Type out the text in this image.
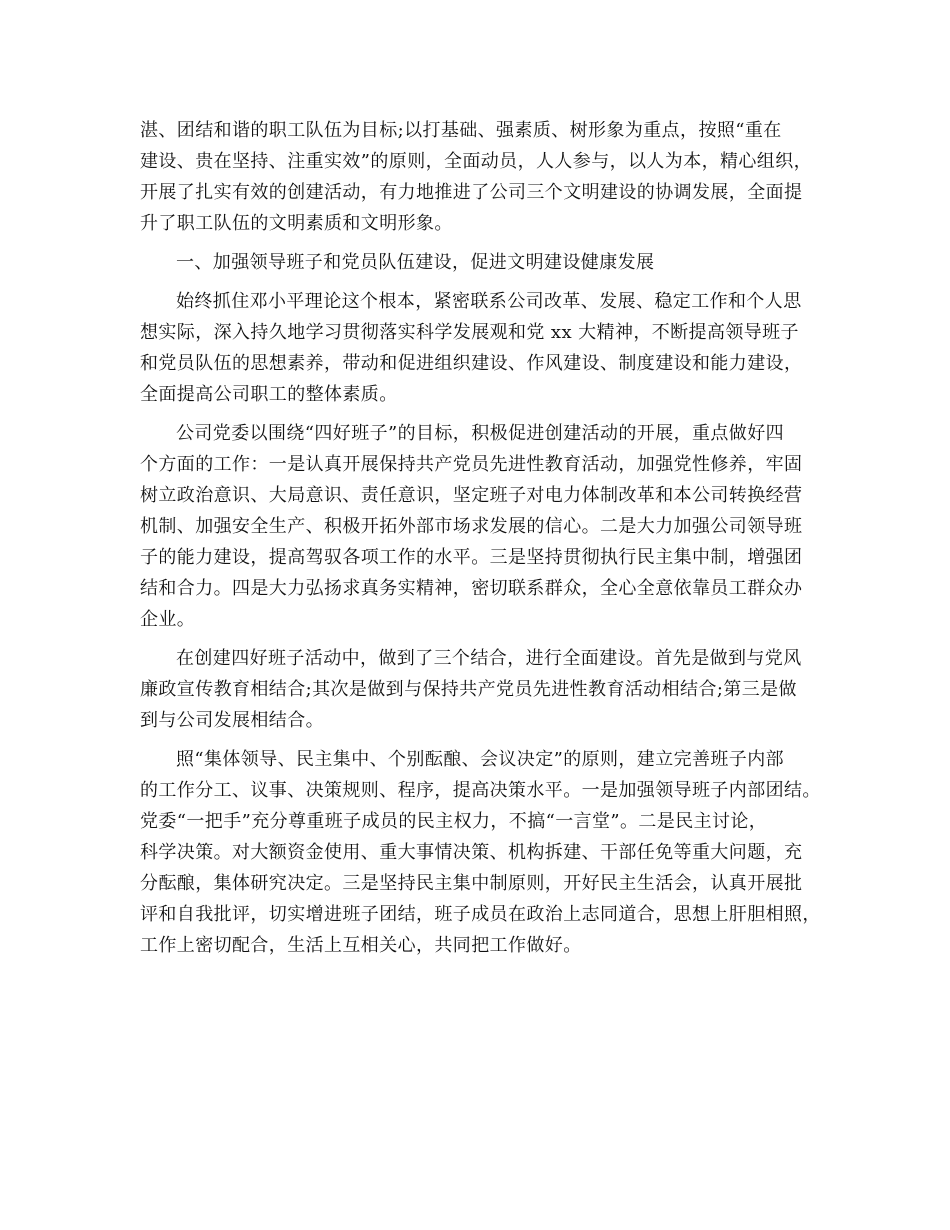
湛、团结和谐的职工队伍为目标;以打基础、强素质、树形象为重点，按照“重在
建设、贵在坚持、注重实效”的原则，全面动员，人人参与，以人为本，精心组织，
开展了扎实有效的创建活动，有力地推进了公司三个文明建设的协调发展，全面提
升了职工队伍的文明素质和文明形象。
一、加强领导班子和党员队伍建设，促进文明建设健康发展
始终抓住邓小平理论这个根本，紧密联系公司改革、发展、稳定工作和个人思
想实际，深入持久地学习贯彻落实科学发展观和党 xx 大精神，不断提高领导班子
和党员队伍的思想素养，带动和促进组织建设、作风建设、制度建设和能力建设，
全面提高公司职工的整体素质。
公司党委以围绕“四好班子”的目标，积极促进创建活动的开展，重点做好四
个方面的工作：一是认真开展保持共产党员先进性教育活动，加强党性修养，牢固
树立政治意识、大局意识、责任意识，坚定班子对电力体制改革和本公司转换经营
机制、加强安全生产、积极开拓外部市场求发展的信心。二是大力加强公司领导班
子的能力建设，提高驾驭各项工作的水平。三是坚持贯彻执行民主集中制，增强团
结和合力。四是大力弘扬求真务实精神，密切联系群众，全心全意依靠员工群众办
企业。
在创建四好班子活动中，做到了三个结合，进行全面建设。首先是做到与党风
廉政宣传教育相结合;其次是做到与保持共产党员先进性教育活动相结合;第三是做
到与公司发展相结合。
照“集体领导、民主集中、个别酝酿、会议决定”的原则，建立完善班子内部
的工作分工、议事、决策规则、程序，提高决策水平。一是加强领导班子内部团结。
党委“一把手”充分尊重班子成员的民主权力，不搞“一言堂”。二是民主讨论，
科学决策。对大额资金使用、重大事情决策、机构拆建、干部任免等重大问题，充
分酝酿，集体研究决定。三是坚持民主集中制原则，开好民主生活会，认真开展批
评和自我批评，切实增进班子团结，班子成员在政治上志同道合，思想上肝胆相照，
工作上密切配合，生活上互相关心，共同把工作做好。
